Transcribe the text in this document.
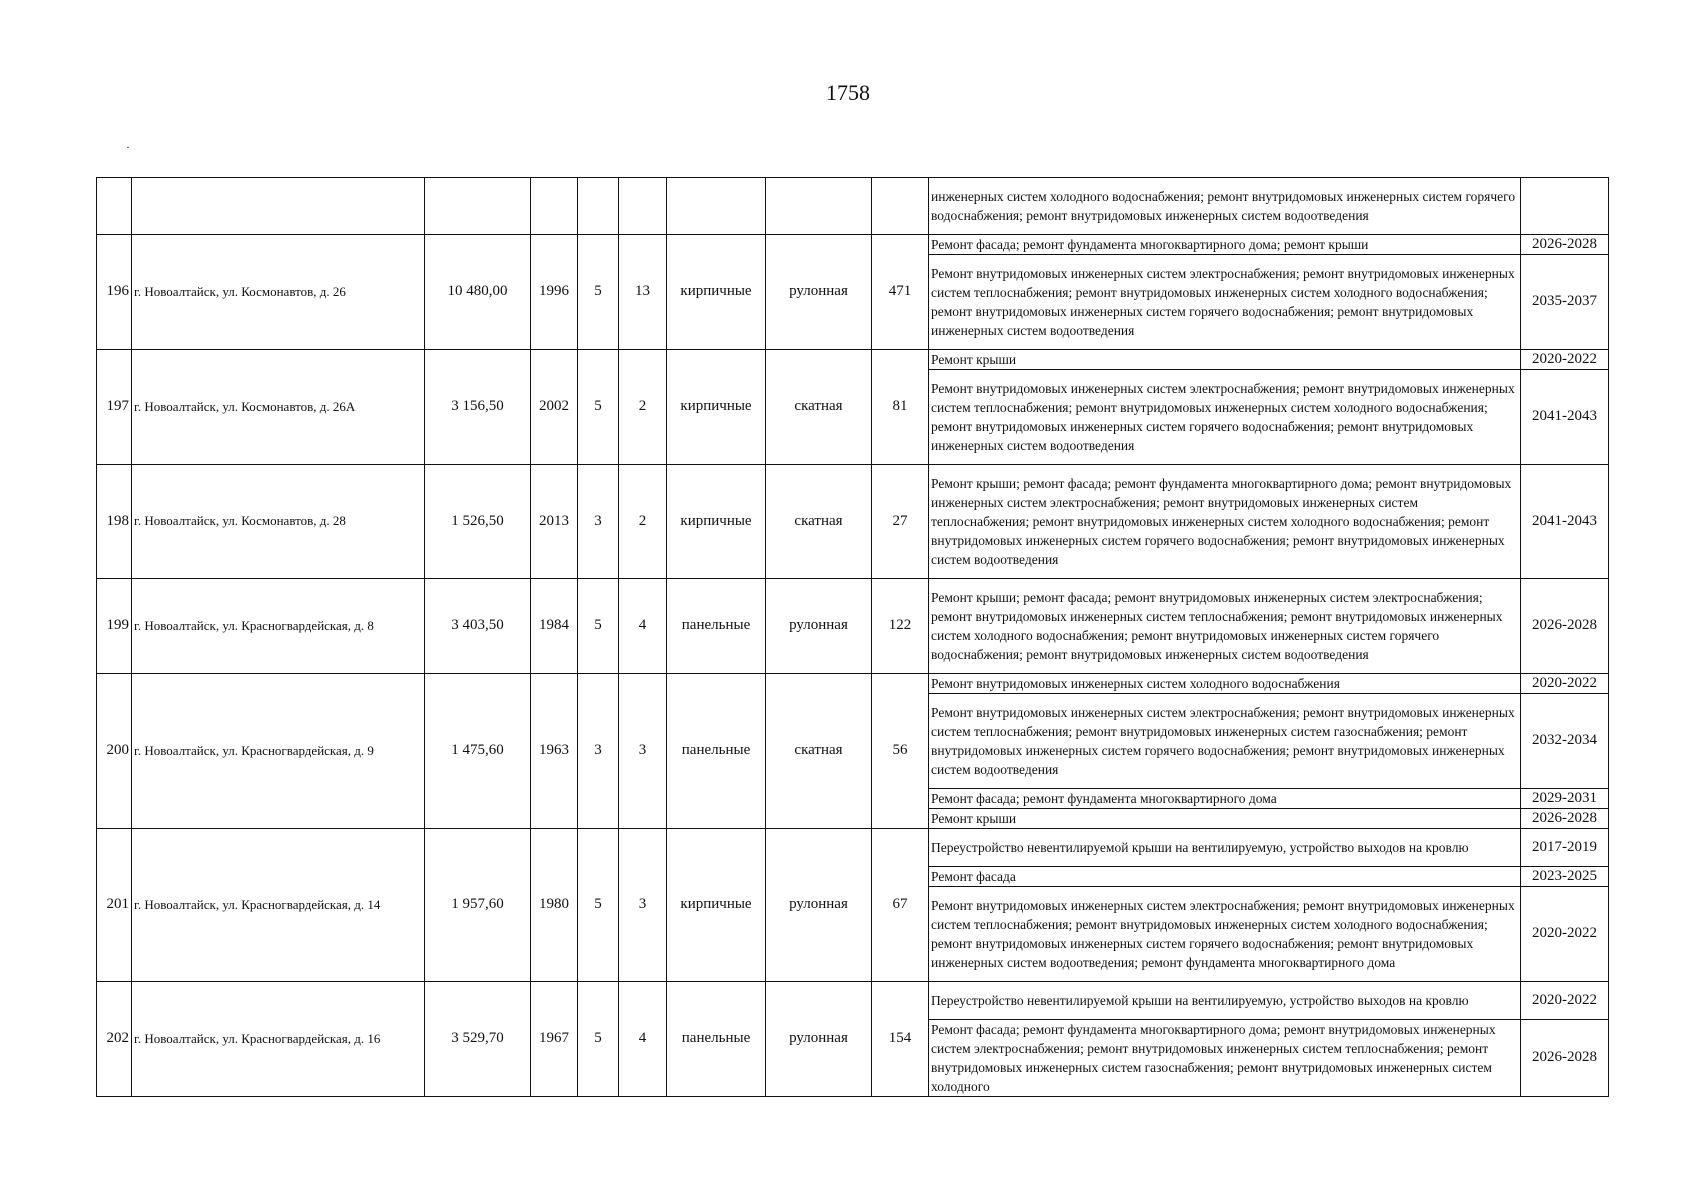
1758
·
									инженерных систем холодного водоснабжения; ремонт внутридомовых инженерных систем горячего водоснабжения; ремонт внутридомовых инженерных систем водоотведения	
196	г. Новоалтайск, ул. Космонавтов, д. 26	10 480,00	1996	5	13	кирпичные	рулонная	471	Ремонт фасада; ремонт фундамента многоквартирного дома; ремонт крыши	2026-2028
									Ремонт внутридомовых инженерных систем электроснабжения; ремонт внутридомовых инженерных систем теплоснабжения; ремонт внутридомовых инженерных систем холодного водоснабжения; ремонт внутридомовых инженерных систем горячего водоснабжения; ремонт внутридомовых инженерных систем водоотведения	2035-2037
197	г. Новоалтайск, ул. Космонавтов, д. 26А	3 156,50	2002	5	2	кирпичные	скатная	81	Ремонт крыши	2020-2022
									Ремонт внутридомовых инженерных систем электроснабжения; ремонт внутридомовых инженерных систем теплоснабжения; ремонт внутридомовых инженерных систем холодного водоснабжения; ремонт внутридомовых инженерных систем горячего водоснабжения; ремонт внутридомовых инженерных систем водоотведения	2041-2043
198	г. Новоалтайск, ул. Космонавтов, д. 28	1 526,50	2013	3	2	кирпичные	скатная	27	Ремонт крыши; ремонт фасада; ремонт фундамента многоквартирного дома; ремонт внутридомовых инженерных систем электроснабжения; ремонт внутридомовых инженерных систем теплоснабжения; ремонт внутридомовых инженерных систем холодного водоснабжения; ремонт внутридомовых инженерных систем горячего водоснабжения; ремонт внутридомовых инженерных систем водоотведения	2041-2043
199	г. Новоалтайск, ул. Красногвардейская, д. 8	3 403,50	1984	5	4	панельные	рулонная	122	Ремонт крыши; ремонт фасада; ремонт внутридомовых инженерных систем электроснабжения; ремонт внутридомовых инженерных систем теплоснабжения; ремонт внутридомовых инженерных систем холодного водоснабжения; ремонт внутридомовых инженерных систем горячего водоснабжения; ремонт внутридомовых инженерных систем водоотведения	2026-2028
200	г. Новоалтайск, ул. Красногвардейская, д. 9	1 475,60	1963	3	3	панельные	скатная	56	Ремонт внутридомовых инженерных систем холодного водоснабжения	2020-2022
									Ремонт внутридомовых инженерных систем электроснабжения; ремонт внутридомовых инженерных систем теплоснабжения; ремонт внутридомовых инженерных систем газоснабжения; ремонт внутридомовых инженерных систем горячего водоснабжения; ремонт внутридомовых инженерных систем водоотведения	2032-2034
									Ремонт фасада; ремонт фундамента многоквартирного дома	2029-2031
									Ремонт крыши	2026-2028
201	г. Новоалтайск, ул. Красногвардейская, д. 14	1 957,60	1980	5	3	кирпичные	рулонная	67	Переустройство невентилируемой крыши на вентилируемую, устройство выходов на кровлю	2017-2019
									Ремонт фасада	2023-2025
									Ремонт внутридомовых инженерных систем электроснабжения; ремонт внутридомовых инженерных систем теплоснабжения; ремонт внутридомовых инженерных систем холодного водоснабжения; ремонт внутридомовых инженерных систем горячего водоснабжения; ремонт внутридомовых инженерных систем водоотведения; ремонт фундамента многоквартирного дома	2020-2022
202	г. Новоалтайск, ул. Красногвардейская, д. 16	3 529,70	1967	5	4	панельные	рулонная	154	Переустройство невентилируемой крыши на вентилируемую, устройство выходов на кровлю	2020-2022
									Ремонт фасада; ремонт фундамента многоквартирного дома; ремонт внутридомовых инженерных систем электроснабжения; ремонт внутридомовых инженерных систем теплоснабжения; ремонт внутридомовых инженерных систем газоснабжения; ремонт внутридомовых инженерных систем холодного	2026-2028
